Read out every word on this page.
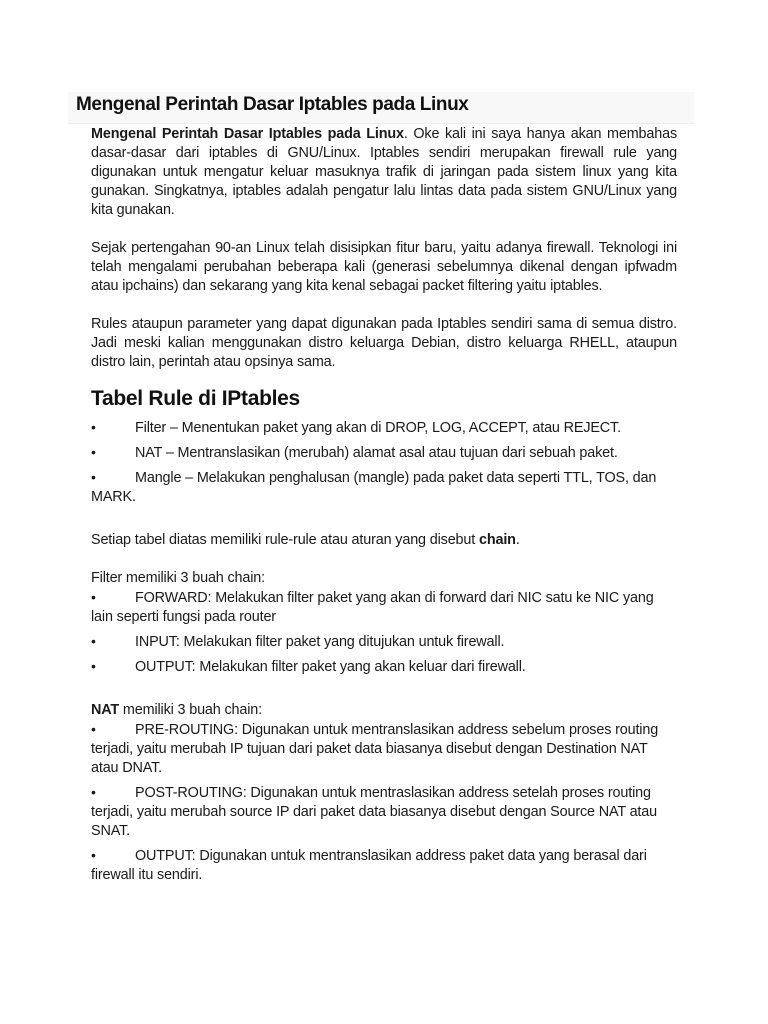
Mengenal Perintah Dasar Iptables pada Linux

Mengenal Perintah Dasar Iptables pada Linux. Oke kali ini saya hanya akan membahas dasar-dasar dari iptables di GNU/Linux. Iptables sendiri merupakan firewall rule yang digunakan untuk mengatur keluar masuknya trafik di jaringan pada sistem linux yang kita gunakan. Singkatnya, iptables adalah pengatur lalu lintas data pada sistem GNU/Linux yang kita gunakan.

Sejak pertengahan 90-an Linux telah disisipkan fitur baru, yaitu adanya firewall. Teknologi ini telah mengalami perubahan beberapa kali (generasi sebelumnya dikenal dengan ipfwadm atau ipchains) dan sekarang yang kita kenal sebagai packet filtering yaitu iptables.

Rules ataupun parameter yang dapat digunakan pada Iptables sendiri sama di semua distro. Jadi meski kalian menggunakan distro keluarga Debian, distro keluarga RHELL, ataupun distro lain, perintah atau opsinya sama.

Tabel Rule di IPtables
•	Filter – Menentukan paket yang akan di DROP, LOG, ACCEPT, atau REJECT.
•	NAT – Mentranslasikan (merubah) alamat asal atau tujuan dari sebuah paket.
•	Mangle – Melakukan penghalusan (mangle) pada paket data seperti TTL, TOS, dan MARK.

Setiap tabel diatas memiliki rule-rule atau aturan yang disebut chain.

Filter memiliki 3 buah chain:

•	FORWARD: Melakukan filter paket yang akan di forward dari NIC satu ke NIC yang lain seperti fungsi pada router
•	INPUT: Melakukan filter paket yang ditujukan untuk firewall.
•	OUTPUT: Melakukan filter paket yang akan keluar dari firewall.

NAT memiliki 3 buah chain:

•	PRE-ROUTING: Digunakan untuk mentranslasikan address sebelum proses routing terjadi, yaitu merubah IP tujuan dari paket data biasanya disebut dengan Destination NAT atau DNAT.
•	POST-ROUTING: Digunakan untuk mentraslasikan address setelah proses routing terjadi, yaitu merubah source IP dari paket data biasanya disebut dengan Source NAT atau SNAT.
•	OUTPUT: Digunakan untuk mentranslasikan address paket data yang berasal dari firewall itu sendiri.
